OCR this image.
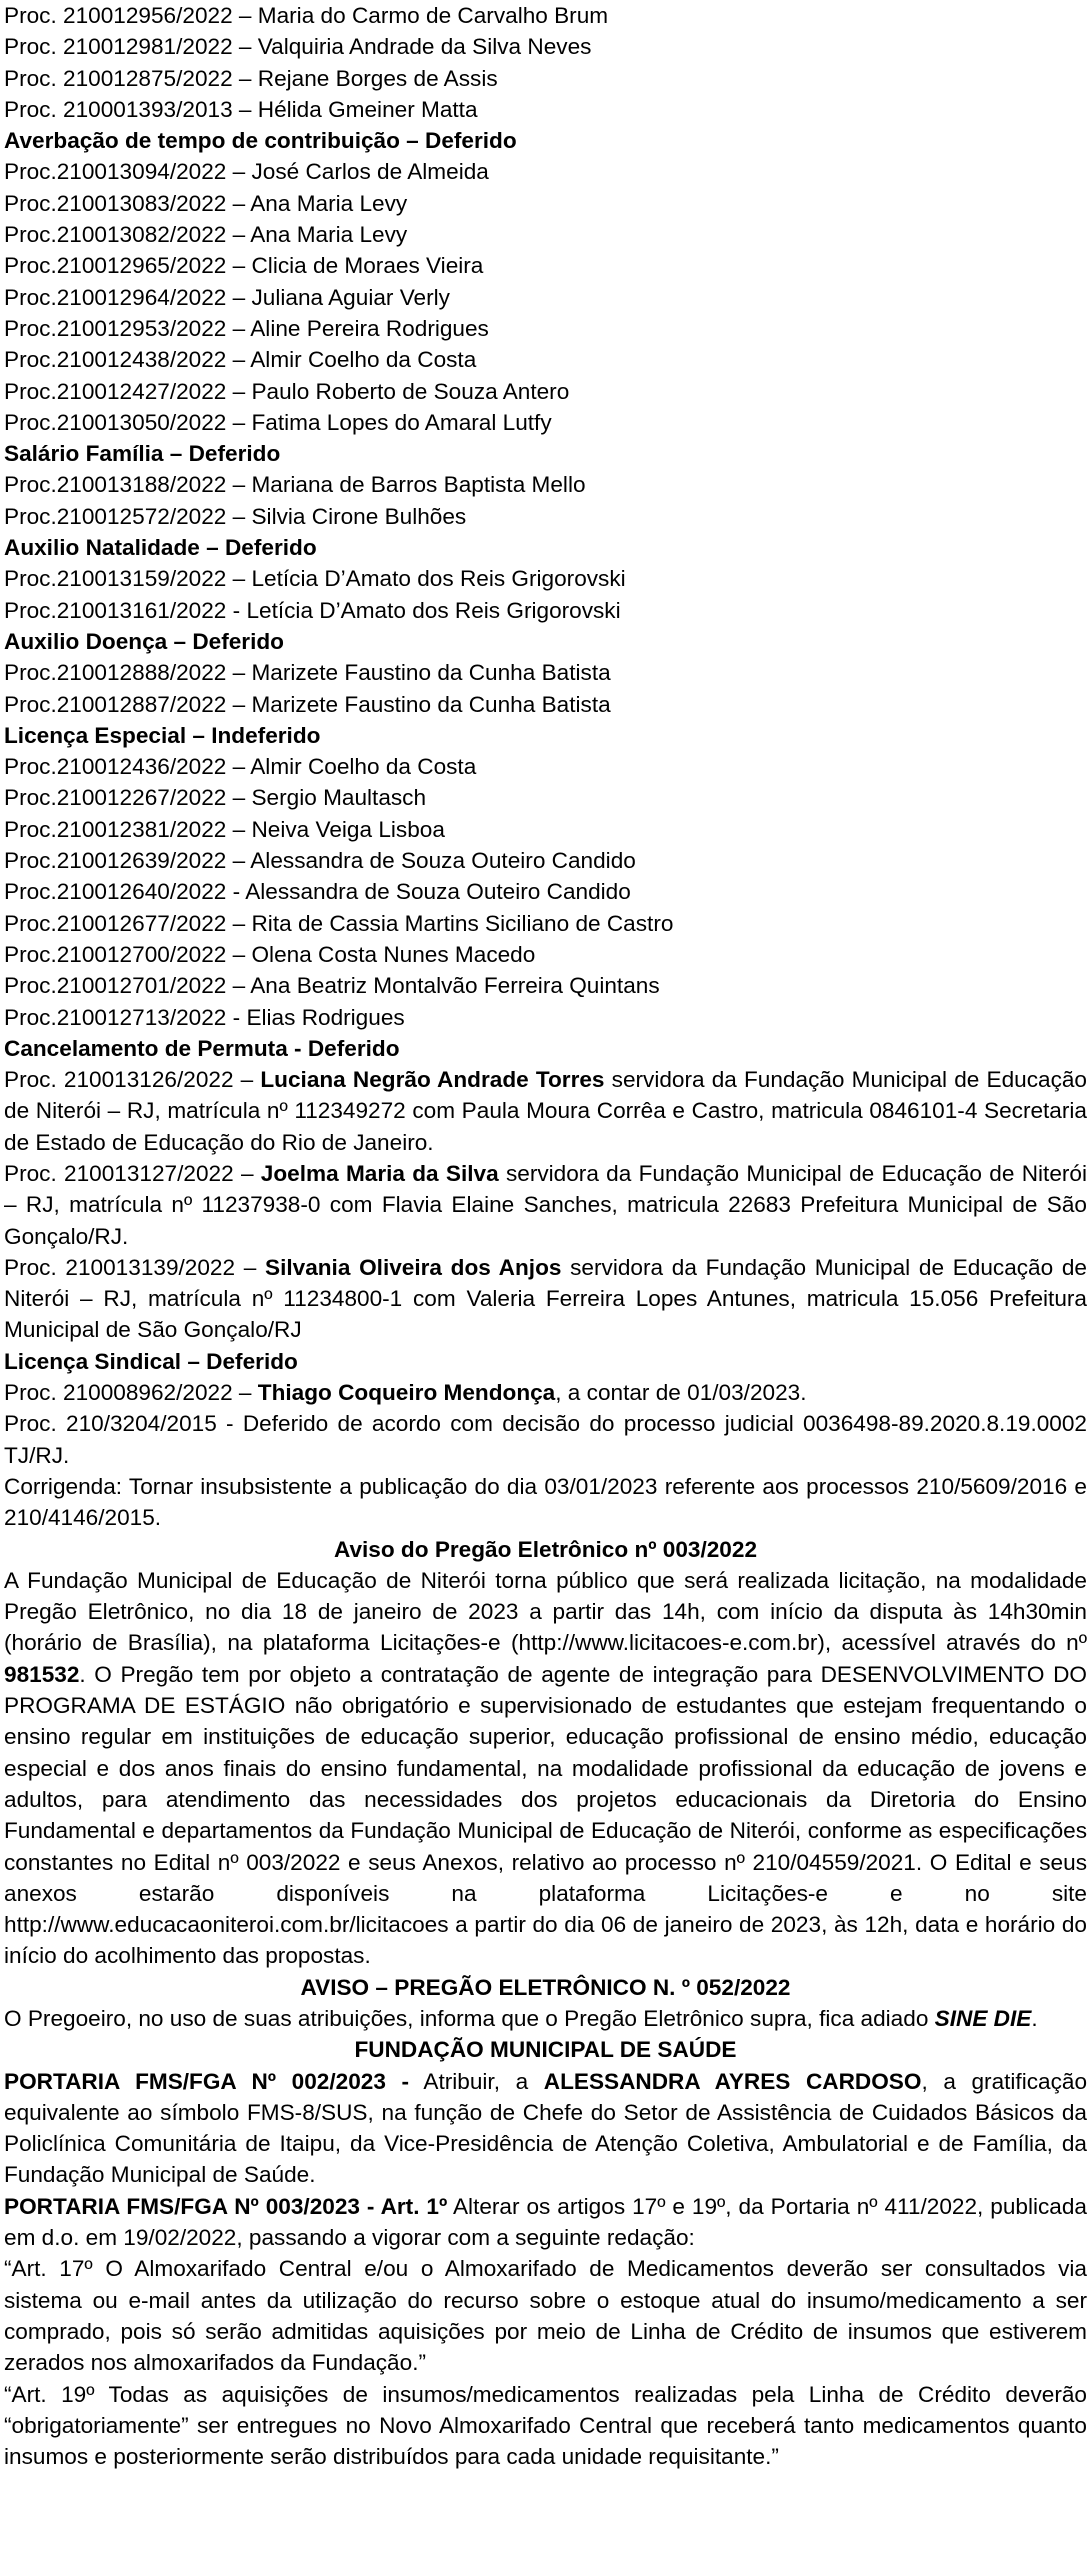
Proc. 210012956/2022 – Maria do Carmo de Carvalho Brum
Proc. 210012981/2022 – Valquiria Andrade da Silva Neves
Proc. 210012875/2022 – Rejane Borges de Assis
Proc. 210001393/2013 – Hélida Gmeiner Matta
Averbação de tempo de contribuição – Deferido
Proc.210013094/2022 – José Carlos de Almeida
Proc.210013083/2022 – Ana Maria Levy
Proc.210013082/2022 – Ana Maria Levy
Proc.210012965/2022 – Clicia de Moraes Vieira
Proc.210012964/2022 – Juliana Aguiar Verly
Proc.210012953/2022 – Aline Pereira Rodrigues
Proc.210012438/2022 – Almir Coelho da Costa
Proc.210012427/2022 – Paulo Roberto de Souza Antero
Proc.210013050/2022 – Fatima Lopes do Amaral Lutfy
Salário Família – Deferido
Proc.210013188/2022 – Mariana de Barros Baptista Mello
Proc.210012572/2022 – Silvia Cirone Bulhões
Auxilio Natalidade – Deferido
Proc.210013159/2022 – Letícia D’Amato dos Reis Grigorovski
Proc.210013161/2022 - Letícia D’Amato dos Reis Grigorovski
Auxilio Doença – Deferido
Proc.210012888/2022 – Marizete Faustino da Cunha Batista
Proc.210012887/2022 – Marizete Faustino da Cunha Batista
Licença Especial – Indeferido
Proc.210012436/2022 – Almir Coelho da Costa
Proc.210012267/2022 – Sergio Maultasch
Proc.210012381/2022 – Neiva Veiga Lisboa
Proc.210012639/2022 – Alessandra de Souza Outeiro Candido
Proc.210012640/2022 - Alessandra de Souza Outeiro Candido
Proc.210012677/2022 – Rita de Cassia Martins Siciliano de Castro
Proc.210012700/2022 – Olena Costa Nunes Macedo
Proc.210012701/2022 – Ana Beatriz Montalvão Ferreira Quintans
Proc.210012713/2022 - Elias Rodrigues
Cancelamento de Permuta - Deferido
Proc. 210013126/2022 – Luciana Negrão Andrade Torres servidora da Fundação Municipal de Educação de Niterói – RJ, matrícula nº 112349272 com Paula Moura Corrêa e Castro, matricula 0846101-4 Secretaria de Estado de Educação do Rio de Janeiro.
Proc. 210013127/2022 – Joelma Maria da Silva servidora da Fundação Municipal de Educação de Niterói – RJ, matrícula nº 11237938-0 com Flavia Elaine Sanches, matricula 22683 Prefeitura Municipal de São Gonçalo/RJ.
Proc. 210013139/2022 – Silvania Oliveira dos Anjos servidora da Fundação Municipal de Educação de Niterói – RJ, matrícula nº 11234800-1 com Valeria Ferreira Lopes Antunes, matricula 15.056 Prefeitura Municipal de São Gonçalo/RJ
Licença Sindical – Deferido
Proc. 210008962/2022 – Thiago Coqueiro Mendonça, a contar de 01/03/2023.
Proc. 210/3204/2015 - Deferido de acordo com decisão do processo judicial 0036498-89.2020.8.19.0002 TJ/RJ.
Corrigenda: Tornar insubsistente a publicação do dia 03/01/2023 referente aos processos 210/5609/2016 e 210/4146/2015.
Aviso do Pregão Eletrônico nº 003/2022
A Fundação Municipal de Educação de Niterói torna público que será realizada licitação, na modalidade Pregão Eletrônico, no dia 18 de janeiro de 2023 a partir das 14h, com início da disputa às 14h30min (horário de Brasília), na plataforma Licitações-e (http://www.licitacoes-e.com.br), acessível através do nº 981532. O Pregão tem por objeto a contratação de agente de integração para DESENVOLVIMENTO DO PROGRAMA DE ESTÁGIO não obrigatório e supervisionado de estudantes que estejam frequentando o ensino regular em instituições de educação superior, educação profissional de ensino médio, educação especial e dos anos finais do ensino fundamental, na modalidade profissional da educação de jovens e adultos, para atendimento das necessidades dos projetos educacionais da Diretoria do Ensino Fundamental e departamentos da Fundação Municipal de Educação de Niterói, conforme as especificações constantes no Edital nº 003/2022 e seus Anexos, relativo ao processo nº 210/04559/2021. O Edital e seus anexos estarão disponíveis na plataforma Licitações-e e no site http://www.educacaoniteroi.com.br/licitacoes a partir do dia 06 de janeiro de 2023, às 12h, data e horário do início do acolhimento das propostas.
AVISO – PREGÃO ELETRÔNICO N. º 052/2022
O Pregoeiro, no uso de suas atribuições, informa que o Pregão Eletrônico supra, fica adiado SINE DIE.
FUNDAÇÃO MUNICIPAL DE SAÚDE
PORTARIA FMS/FGA Nº 002/2023 - Atribuir, a ALESSANDRA AYRES CARDOSO, a gratificação equivalente ao símbolo FMS-8/SUS, na função de Chefe do Setor de Assistência de Cuidados Básicos da Policlínica Comunitária de Itaipu, da Vice-Presidência de Atenção Coletiva, Ambulatorial e de Família, da Fundação Municipal de Saúde.
PORTARIA FMS/FGA Nº 003/2023 - Art. 1º Alterar os artigos 17º e 19º, da Portaria nº 411/2022, publicada em d.o. em 19/02/2022, passando a vigorar com a seguinte redação:
“Art. 17º O Almoxarifado Central e/ou o Almoxarifado de Medicamentos deverão ser consultados via sistema ou e-mail antes da utilização do recurso sobre o estoque atual do insumo/medicamento a ser comprado, pois só serão admitidas aquisições por meio de Linha de Crédito de insumos que estiverem zerados nos almoxarifados da Fundação.”
“Art. 19º Todas as aquisições de insumos/medicamentos realizadas pela Linha de Crédito deverão “obrigatoriamente” ser entregues no Novo Almoxarifado Central que receberá tanto medicamentos quanto insumos e posteriormente serão distribuídos para cada unidade requisitante.”
